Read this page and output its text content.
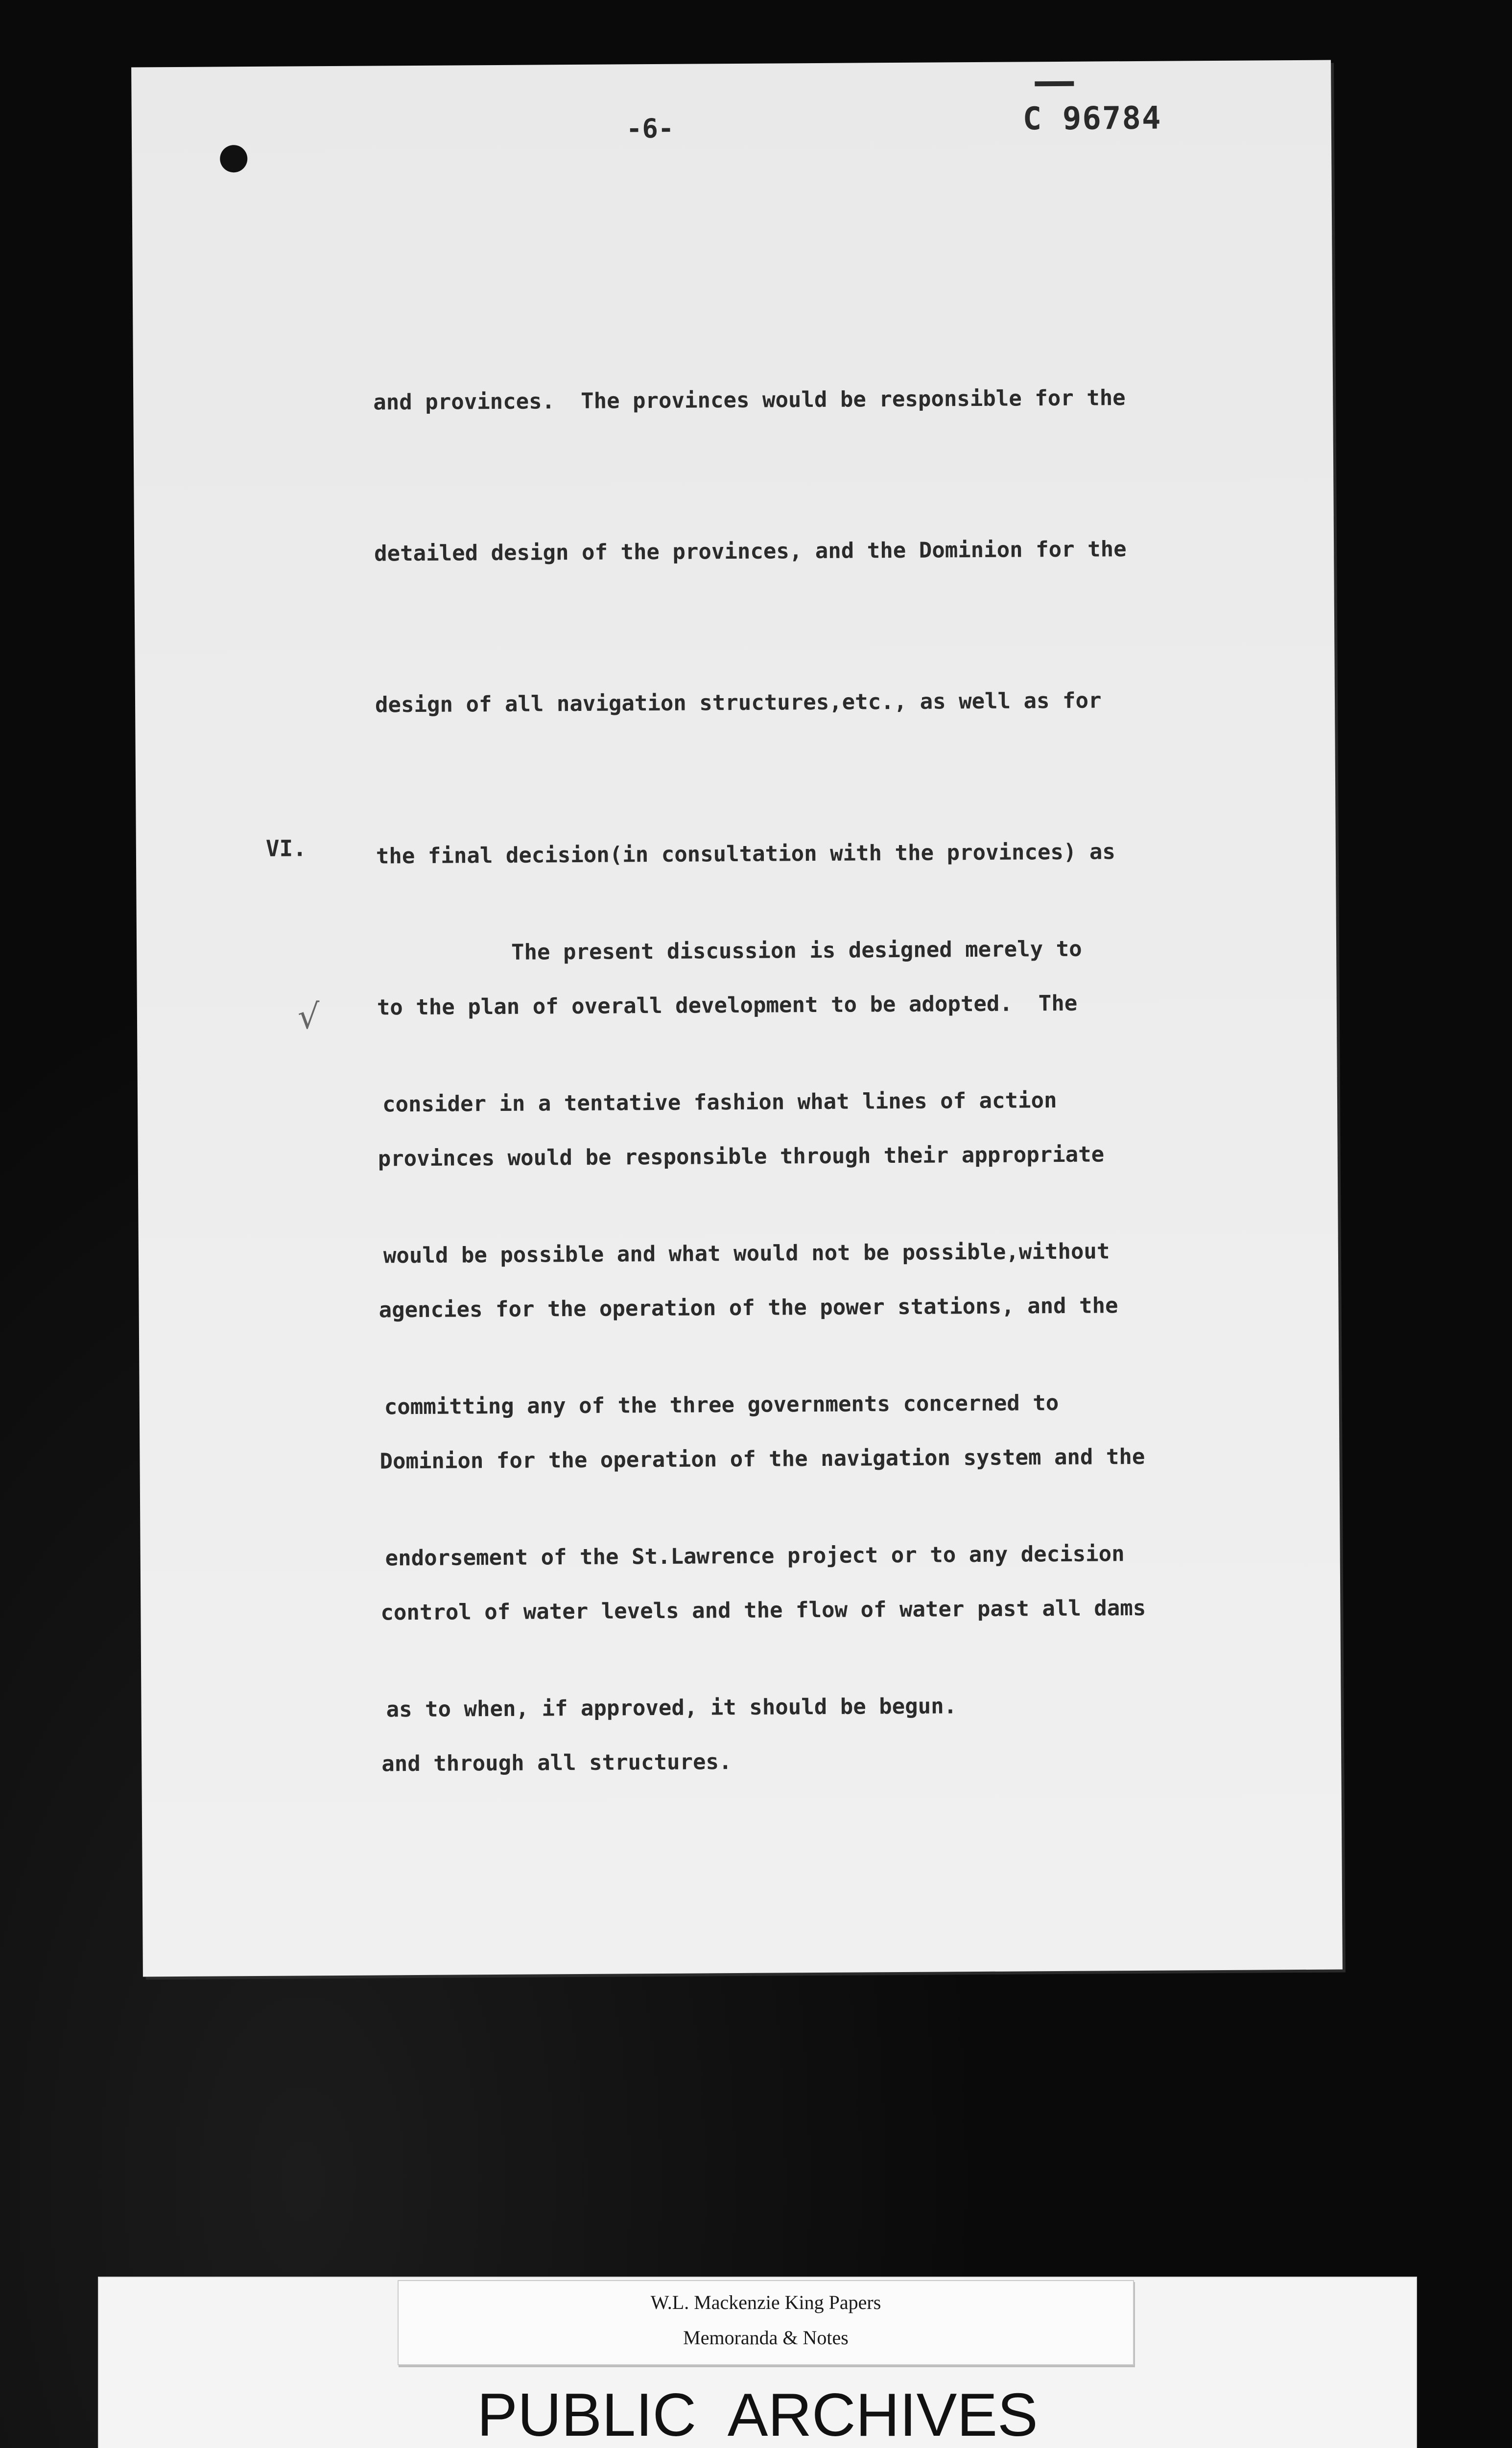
-6-	C 96784

and provinces.  The provinces would be responsible for the

detailed design of the provinces, and the Dominion for the

design of all navigation structures,etc., as well as for

the final decision(in consultation with the provinces) as

to the plan of overall development to be adopted.  The

provinces would be responsible through their appropriate

agencies for the operation of the power stations, and the

Dominion for the operation of the navigation system and the

control of water levels and the flow of water past all dams

and through all structures.

VI.

The present discussion is designed merely to

consider in a tentative fashion what lines of action

would be possible and what would not be possible,without

committing any of the three governments concerned to

endorsement of the St.Lawrence project or to any decision

as to when, if approved, it should be begun.

√
W.L. Mackenzie King Papers
Memoranda & Notes
PUBLIC ARCHIVES
